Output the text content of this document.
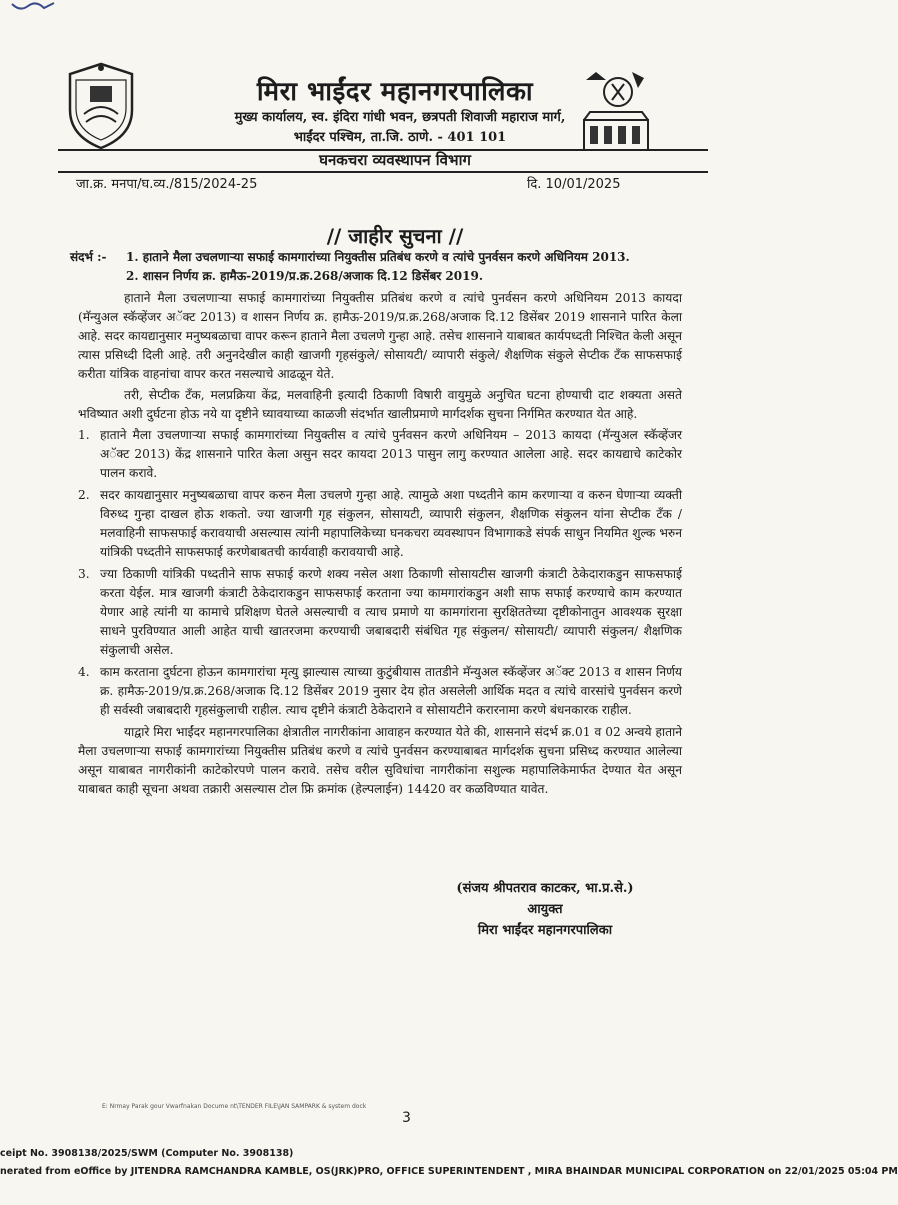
मिरा भाईंदर महानगरपालिका
मुख्य कार्यालय, स्व. इंदिरा गांधी भवन, छत्रपती शिवाजी महाराज मार्ग,
भाईंदर पश्चिम, ता.जि. ठाणे. - 401 101
घनकचरा व्यवस्थापन विभाग
जा.क्र. मनपा/घ.व्य./815/2024-25	दि. 10/01/2025
// जाहीर सुचना //
संदर्भ :- 1. हाताने मैला उचलणाऱ्या सफाई कामगारांच्या नियुक्तीस प्रतिबंध करणे व त्यांचे पुनर्वसन करणे अधिनियम 2013.
2. शासन निर्णय क्र. हामैऊ-2019/प्र.क्र.268/अजाक दि.12 डिसेंबर 2019.

हाताने मैला उचलणाऱ्या सफाई कामगारांच्या नियुक्तीस प्रतिबंध करणे व त्यांचे पुनर्वसन करणे अधिनियम 2013 कायदा (मॅन्युअल स्कॅव्हेंजर अॅक्ट 2013) व शासन निर्णय क्र. हामैऊ-2019/प्र.क्र.268/अजाक दि.12 डिसेंबर 2019 शासनाने पारित केला आहे. सदर कायद्यानुसार मनुष्यबळाचा वापर करून हाताने मैला उचलणे गुन्हा आहे. तसेच शासनाने याबाबत कार्यपध्दती निश्चित केली असून त्यास प्रसिध्दी दिली आहे. तरी अनुनदेखील काही खाजगी गृहसंकुले/ सोसायटी/ व्यापारी संकुले/ शैक्षणिक संकुले सेप्टीक टँक साफसफाई करीता यांत्रिक वाहनांचा वापर करत नसल्याचे आढळून येते.

तरी, सेप्टीक टँक, मलप्रक्रिया केंद्र, मलवाहिनी इत्यादी ठिकाणी विषारी वायुमुळे अनुचित घटना होण्याची दाट शक्यता असते भविष्यात अशी दुर्घटना होऊ नये या दृष्टीने घ्यावयाच्या काळजी संदर्भात खालीप्रमाणे मार्गदर्शक सुचना निर्गमित करण्यात येत आहे.

1. हाताने मैला उचलणाऱ्या सफाई कामगारांच्या नियुक्तीस व त्यांचे पुर्नवसन करणे अधिनियम – 2013 कायदा (मॅन्युअल स्कॅव्हेंजर अॅक्ट 2013) केंद्र शासनाने पारित केला असुन सदर कायदा 2013 पासुन लागु करण्यात आलेला आहे. सदर कायद्याचे काटेकोर पालन करावे.
2. सदर कायद्यानुसार मनुष्यबळाचा वापर करुन मैला उचलणे गुन्हा आहे. त्यामुळे अशा पध्दतीने काम करणाऱ्या व करुन घेणाऱ्या व्यक्ती विरुध्द गुन्हा दाखल होऊ शकतो. ज्या खाजगी गृह संकुलन, सोसायटी, व्यापारी संकुलन, शैक्षणिक संकुलन यांना सेप्टीक टँक / मलवाहिनी साफसफाई करावयाची असल्यास त्यांनी महापालिकेच्या घनकचरा व्यवस्थापन विभागाकडे संपर्क साधुन नियमित शुल्क भरुन यांत्रिकी पध्दतीने साफसफाई करणेबाबतची कार्यवाही करावयाची आहे.
3. ज्या ठिकाणी यांत्रिकी पध्दतीने साफ सफाई करणे शक्य नसेल अशा ठिकाणी सोसायटीस खाजगी कंत्राटी ठेकेदाराकडुन साफसफाई करता येईल. मात्र खाजगी कंत्राटी ठेकेदाराकडुन साफसफाई करताना ज्या कामगारांकडुन अशी साफ सफाई करण्याचे काम करण्यात येणार आहे त्यांनी या कामाचे प्रशिक्षण घेतले असल्याची व त्याच प्रमाणे या कामगांराना सुरक्षिततेच्या दृष्टीकोनातुन आवश्यक सुरक्षा साधने पुरविण्यात आली आहेत याची खातरजमा करण्याची जबाबदारी संबंधित गृह संकुलन/ सोसायटी/ व्यापारी संकुलन/ शैक्षणिक संकुलाची असेल.
4. काम करताना दुर्घटना होऊन कामगारांचा मृत्यु झाल्यास त्याच्या कुटुंबीयास तातडीने मॅन्युअल स्कॅव्हेंजर अॅक्ट 2013 व शासन निर्णय क्र. हामैऊ-2019/प्र.क्र.268/अजाक दि.12 डिसेंबर 2019 नुसार देय होत असलेली आर्थिक मदत व त्यांचे वारसांचे पुनर्वसन करणे ही सर्वस्वी जबाबदारी गृहसंकुलाची राहील. त्याच दृष्टीने कंत्राटी ठेकेदाराने व सोसायटीने करारनामा करणे बंधनकारक राहील.

याद्वारे मिरा भाईंदर महानगरपालिका क्षेत्रातील नागरीकांना आवाहन करण्यात येते की, शासनाने संदर्भ क्र.01 व 02 अन्वये हाताने मैला उचलणाऱ्या सफाई कामगारांच्या नियुक्तीस प्रतिबंध करणे व त्यांचे पुनर्वसन करण्याबाबत मार्गदर्शक सुचना प्रसिध्द करण्यात आलेल्या असून याबाबत नागरीकांनी काटेकोरपणे पालन करावे. तसेच वरील सुविधांचा नागरीकांना सशुल्क महापालिकेमार्फत देण्यात येत असून याबाबत काही सूचना अथवा तक्रारी असल्यास टोल फ्रि क्रमांक (हेल्पलाईन) 14420 वर कळविण्यात यावेत.

(संजय श्रीपतराव काटकर, भा.प्र.से.)
आयुक्त
मिरा भाईंदर महानगरपालिका
E: Nrmay Parak gour Vwarfnakan Docume nt\TENDER FILE\JAN SAMPARK & system dock
3
ceipt No. 3908138/2025/SWM (Computer No. 3908138)
nerated from eOffice by JITENDRA RAMCHANDRA KAMBLE, OS(JRK)PRO, OFFICE SUPERINTENDENT , MIRA BHAINDAR MUNICIPAL CORPORATION on 22/01/2025 05:04 PM
